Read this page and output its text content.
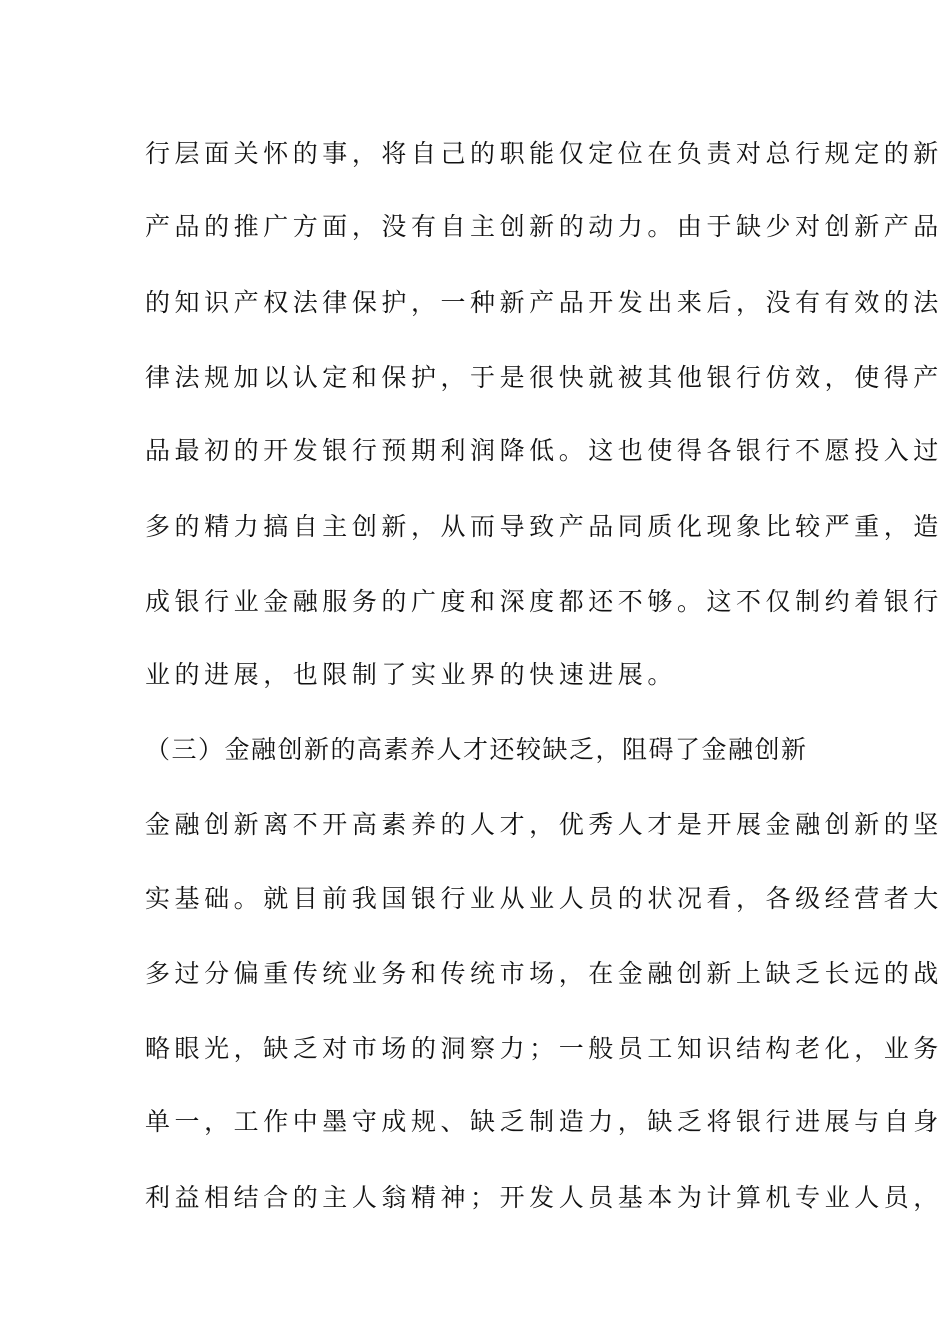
行层面关怀的事，将自己的职能仅定位在负责对总行规定的新
产品的推广方面，没有自主创新的动力。由于缺少对创新产品
的知识产权法律保护，一种新产品开发出来后，没有有效的法
律法规加以认定和保护，于是很快就被其他银行仿效，使得产
品最初的开发银行预期利润降低。这也使得各银行不愿投入过
多的精力搞自主创新，从而导致产品同质化现象比较严重，造
成银行业金融服务的广度和深度都还不够。这不仅制约着银行
业的进展，也限制了实业界的快速进展。
（三）金融创新的高素养人才还较缺乏，阻碍了金融创新
金融创新离不开高素养的人才，优秀人才是开展金融创新的坚
实基础。就目前我国银行业从业人员的状况看，各级经营者大
多过分偏重传统业务和传统市场，在金融创新上缺乏长远的战
略眼光，缺乏对市场的洞察力；一般员工知识结构老化，业务
单一，工作中墨守成规、缺乏制造力，缺乏将银行进展与自身
利益相结合的主人翁精神；开发人员基本为计算机专业人员，
